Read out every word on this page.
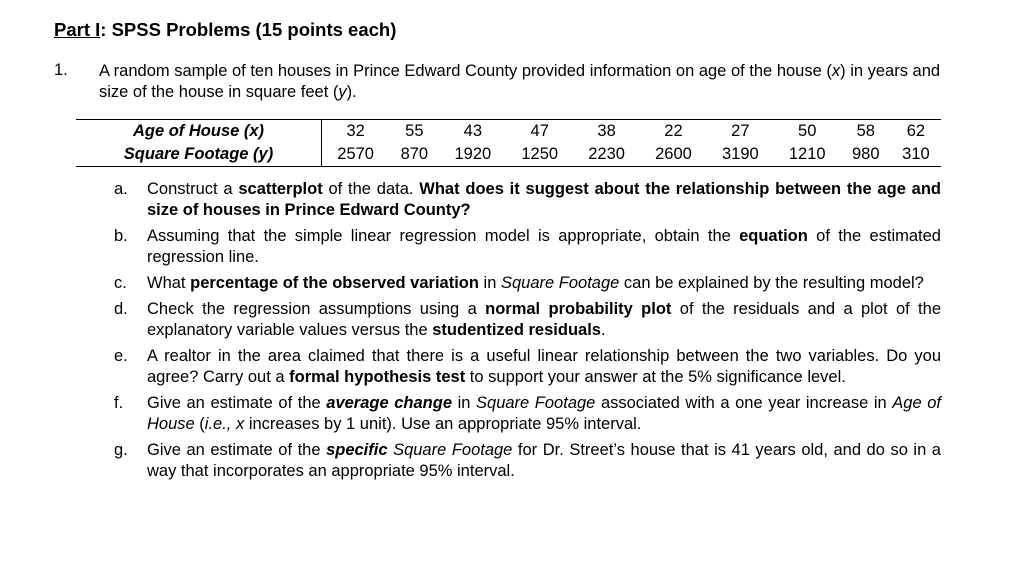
Part I: SPSS Problems (15 points each)
1. A random sample of ten houses in Prince Edward County provided information on age of the house (x) in years and size of the house in square feet (y).
Age of House (x)	32	55	43	47	38	22	27	50	58	62
Square Footage (y)	2570	870	1920	1250	2230	2600	3190	1210	980	310
a. Construct a scatterplot of the data. What does it suggest about the relationship between the age and size of houses in Prince Edward County?
b. Assuming that the simple linear regression model is appropriate, obtain the equation of the estimated regression line.
c. What percentage of the observed variation in Square Footage can be explained by the resulting model?
d. Check the regression assumptions using a normal probability plot of the residuals and a plot of the explanatory variable values versus the studentized residuals.
e. A realtor in the area claimed that there is a useful linear relationship between the two variables. Do you agree? Carry out a formal hypothesis test to support your answer at the 5% significance level.
f. Give an estimate of the average change in Square Footage associated with a one year increase in Age of House (i.e., x increases by 1 unit). Use an appropriate 95% interval.
g. Give an estimate of the specific Square Footage for Dr. Street’s house that is 41 years old, and do so in a way that incorporates an appropriate 95% interval.
